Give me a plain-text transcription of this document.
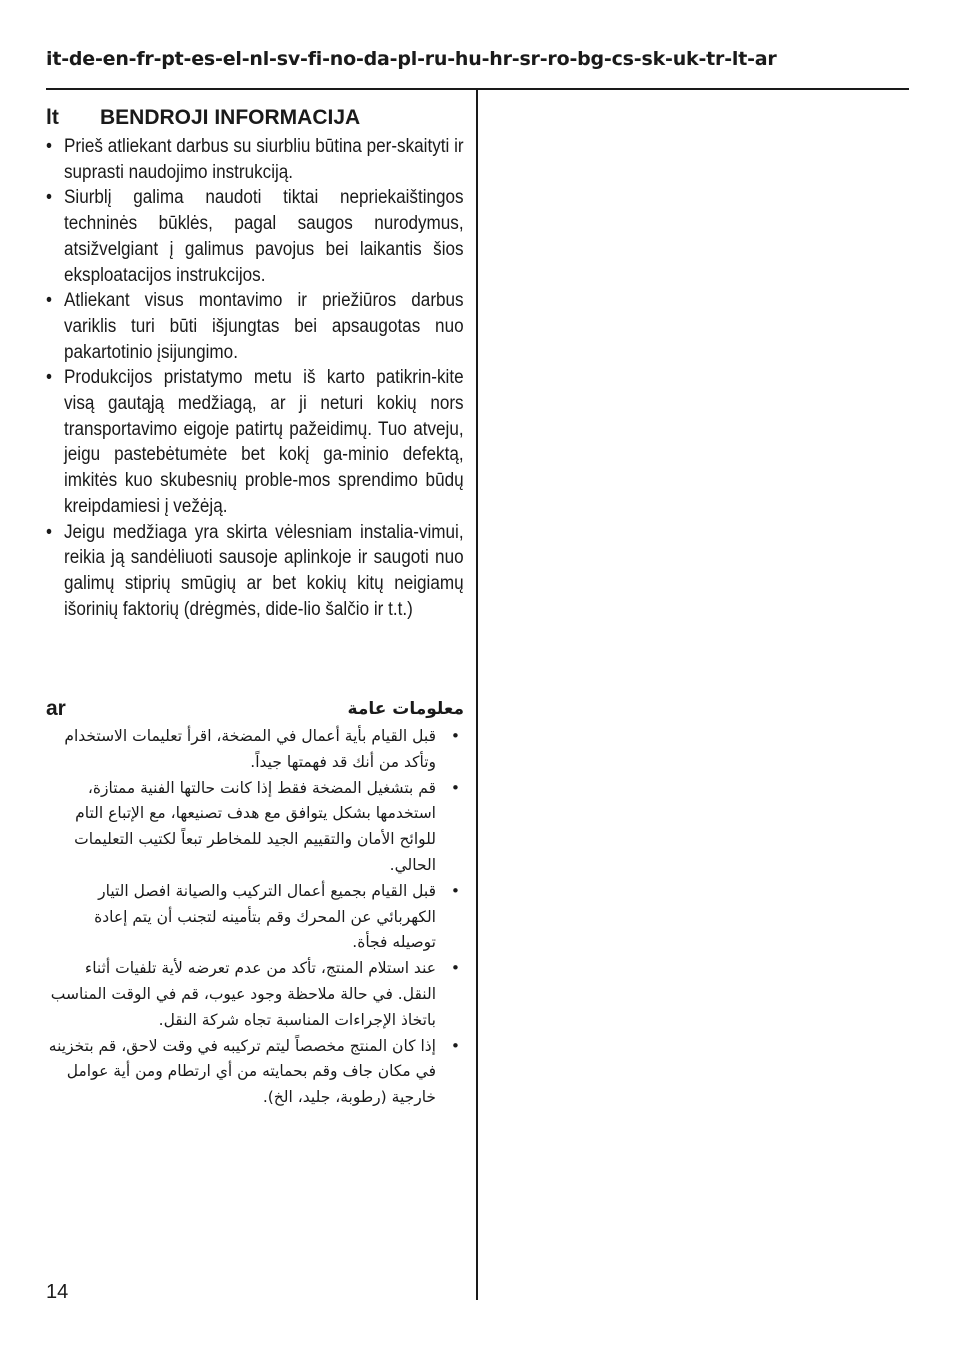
it-de-en-fr-pt-es-el-nl-sv-fi-no-da-pl-ru-hu-hr-sr-ro-bg-cs-sk-uk-tr-lt-ar
lt BENDROJI INFORMACIJA
• Prieš atliekant darbus su siurbliu būtina per-skaityti ir suprasti naudojimo instrukciją.
• Siurblį galima naudoti tiktai nepriekaištingos techninės būklės, pagal saugos nurodymus, atsižvelgiant į galimus pavojus bei laikantis šios eksploatacijos instrukcijos.
• Atliekant visus montavimo ir priežiūros darbus variklis turi būti išjungtas bei apsaugotas nuo pakartotinio įsijungimo.
• Produkcijos pristatymo metu iš karto patikrin-kite visą gautąją medžiagą, ar ji neturi kokių nors transportavimo eigoje patirtų pažeidimų. Tuo atveju, jeigu pastebėtumėte bet kokį ga-minio defektą, imkitės kuo skubesnių proble-mos sprendimo būdų kreipdamiesi į vežėją.
• Jeigu medžiaga yra skirta vėlesniam instalia-vimui, reikia ją sandėliuoti sausoje aplinkoje ir saugoti nuo galimų stiprių smūgių ar bet kokių kitų neigiamų išorinių faktorių (drėgmės, dide-lio šalčio ir t.t.)
ar	معلومات عامة
• قبل القيام بأية أعمال في المضخة، اقرأ تعليمات الاستخدام وتأكد من أنك قد فهمتها جيداً.
• قم بتشغيل المضخة فقط إذا كانت حالتها الفنية ممتازة، استخدمها بشكل يتوافق مع هدف تصنيعها، مع الإتباع التام للوائح الأمان والتقييم الجيد للمخاطر تبعاً لكتيب التعليمات الحالي.
• قبل القيام بجميع أعمال التركيب والصيانة افصل التيار الكهربائي عن المحرك وقم بتأمينه لتجنب أن يتم إعادة توصيله فجأة.
• عند استلام المنتج، تأكد من عدم تعرضه لأية تلفيات أثناء النقل. في حالة ملاحظة وجود عيوب، قم في الوقت المناسب باتخاذ الإجراءات المناسبة تجاه شركة النقل.
• إذا كان المنتج مخصصاً ليتم تركيبه في وقت لاحق، قم بتخزينه في مكان جاف وقم بحمايته من أي ارتطام ومن أية عوامل خارجية (رطوبة، جليد، الخ).
14
